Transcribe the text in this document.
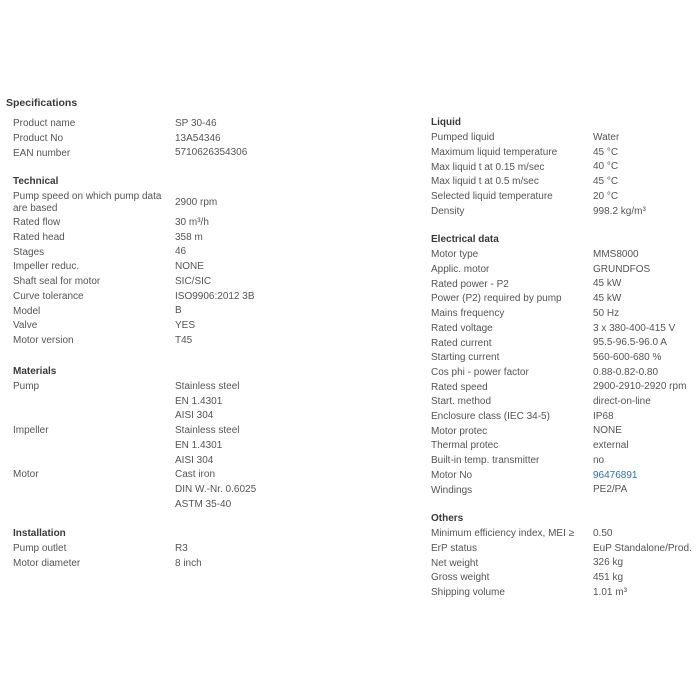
Specifications
Product name	SP 30-46
Product No	13A54346
EAN number	5710626354306
Technical
Pump speed on which pump data are based
2900 rpm
Rated flow	30 m³/h
Rated head	358 m
Stages	46
Impeller reduc.	NONE
Shaft seal for motor	SIC/SIC
Curve tolerance	ISO9906:2012 3B
Model	B
Valve	YES
Motor version	T45
Materials
Pump	Stainless steel
EN 1.4301
AISI 304
Impeller	Stainless steel
EN 1.4301
AISI 304
Motor	Cast iron
DIN W.-Nr. 0.6025
ASTM 35-40
Installation
Pump outlet	R3
Motor diameter	8 inch
Liquid
Pumped liquid	Water
Maximum liquid temperature	45 °C
Max liquid t at 0.15 m/sec	40 °C
Max liquid t at 0.5 m/sec	45 °C
Selected liquid temperature	20 °C
Density	998.2 kg/m³
Electrical data
Motor type	MMS8000
Applic. motor	GRUNDFOS
Rated power - P2	45 kW
Power (P2) required by pump	45 kW
Mains frequency	50 Hz
Rated voltage	3 x 380-400-415 V
Rated current	95.5-96.5-96.0 A
Starting current	560-600-680 %
Cos phi - power factor	0.88-0.82-0.80
Rated speed	2900-2910-2920 rpm
Start. method	direct-on-line
Enclosure class (IEC 34-5)	IP68
Motor protec	NONE
Thermal protec	external
Built-in temp. transmitter	no
Motor No	96476891
Windings	PE2/PA
Others
Minimum efficiency index, MEI ≥	0.50
ErP status	EuP Standalone/Prod.
Net weight	326 kg
Gross weight	451 kg
Shipping volume	1.01 m³
